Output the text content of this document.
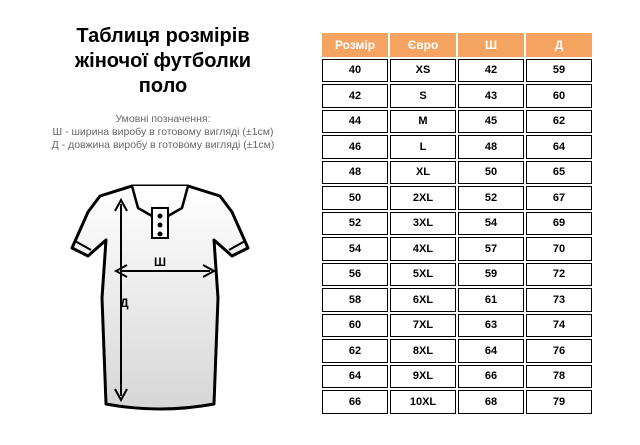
Таблиця розмірів
жіночої футболки
поло
Умовні позначення:
Ш - ширина виробу в готовому вигляді (±1см)
Д - довжина виробу в готовому вигляді (±1см)
Ш
Д
Розмір	Євро	Ш	Д
40	XS	42	59
42	S	43	60
44	M	45	62
46	L	48	64
48	XL	50	65
50	2XL	52	67
52	3XL	54	69
54	4XL	57	70
56	5XL	59	72
58	6XL	61	73
60	7XL	63	74
62	8XL	64	76
64	9XL	66	78
66	10XL	68	79
